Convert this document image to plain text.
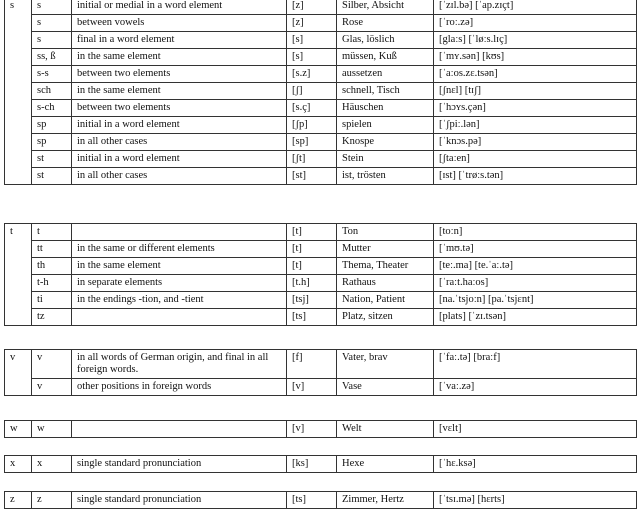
s	s	initial or medial in a word element	[z]	Silber, Absicht	[ˈzɪl.bə] [ˈap.zɪçt]
	s	between vowels	[z]	Rose	[ˈroː.zə]
	s	final in a word element	[s]	Glas, löslich	[glaːs] [ˈløːs.lɪç]
	ss, ß	in the same element	[s]	müssen, Kuß	[ˈmʏ.sən] [kʊs]
	s-s	between two elements	[s.z]	aussetzen	[ˈaːos.zɛ.tsən]
	sch	in the same element	[ʃ]	schnell, Tisch	[ʃnɛl] [tɪʃ]
	s-ch	between two elements	[s.ç]	Häuschen	[ˈhɔʏs.çən]
	sp	initial in a word element	[ʃp]	spielen	[ˈʃpiː.lən]
	sp	in all other cases	[sp]	Knospe	[ˈknɔs.pə]
	st	initial in a word element	[ʃt]	Stein	[ʃtaːen]
	st	in all other cases	[st]	ist, trösten	[ɪst] [ˈtrøːs.tən]
t	t		[t]	Ton	[toːn]
	tt	in the same or different elements	[t]	Mutter	[ˈmʊ.tə]
	th	in the same element	[t]	Thema, Theater	[teː.ma] [te.ˈaː.tə]
	t-h	in separate elements	[t.h]	Rathaus	[ˈraːt.haːos]
	ti	in the endings -tion, and -tient	[tsj]	Nation, Patient	[na.ˈtsjoːn] [pa.ˈtsjɛnt]
	tz		[ts]	Platz, sitzen	[plats] [ˈzɪ.tsən]
v	v	in all words of German origin, and final in all foreign words.	[f]	Vater, brav	[ˈfaː.tə] [braːf]
	v	other positions in foreign words	[v]	Vase	[ˈvaː.zə]
w	w		[v]	Welt	[vɛlt]
x	x	single standard pronunciation	[ks]	Hexe	[ˈhɛ.ksə]
z	z	single standard pronunciation	[ts]	Zimmer, Hertz	[ˈtsɪ.mə] [hɛrts]
